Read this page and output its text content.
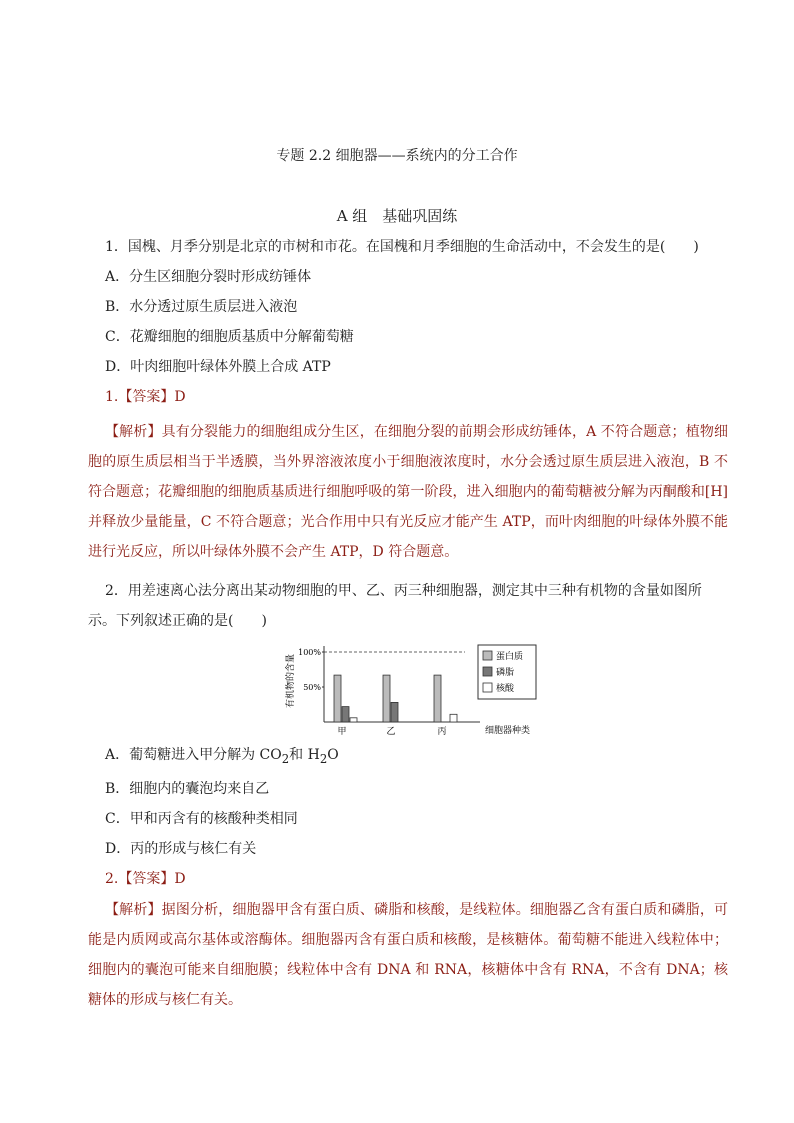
专题 2.2 细胞器——系统内的分工合作
A 组　基础巩固练
1．国槐、月季分别是北京的市树和市花。在国槐和月季细胞的生命活动中，不会发生的是(　　)
A．分生区细胞分裂时形成纺锤体
B．水分透过原生质层进入液泡
C．花瓣细胞的细胞质基质中分解葡萄糖
D．叶肉细胞叶绿体外膜上合成 ATP
1.【答案】D
【解析】具有分裂能力的细胞组成分生区，在细胞分裂的前期会形成纺锤体，A 不符合题意；植物细胞的原生质层相当于半透膜，当外界溶液浓度小于细胞液浓度时，水分会透过原生质层进入液泡，B 不符合题意；花瓣细胞的细胞质基质进行细胞呼吸的第一阶段，进入细胞内的葡萄糖被分解为丙酮酸和[H]并释放少量能量，C 不符合题意；光合作用中只有光反应才能产生 ATP，而叶肉细胞的叶绿体外膜不能进行光反应，所以叶绿体外膜不会产生 ATP，D 符合题意。
2．用差速离心法分离出某动物细胞的甲、乙、丙三种细胞器，测定其中三种有机物的含量如图所示。下列叙述正确的是(　　)
有机物的含量
细胞器种类
100%
50%
甲	乙	丙
蛋白质
磷脂
核酸
A．葡萄糖进入甲分解为 $CO_2$和 $H_2O$
B．细胞内的囊泡均来自乙
C．甲和丙含有的核酸种类相同
D．丙的形成与核仁有关
2.【答案】D
【解析】据图分析，细胞器甲含有蛋白质、磷脂和核酸，是线粒体。细胞器乙含有蛋白质和磷脂，可能是内质网或高尔基体或溶酶体。细胞器丙含有蛋白质和核酸，是核糖体。葡萄糖不能进入线粒体中；细胞内的囊泡可能来自细胞膜；线粒体中含有 DNA 和 RNA，核糖体中含有 RNA，不含有 DNA；核糖体的形成与核仁有关。
